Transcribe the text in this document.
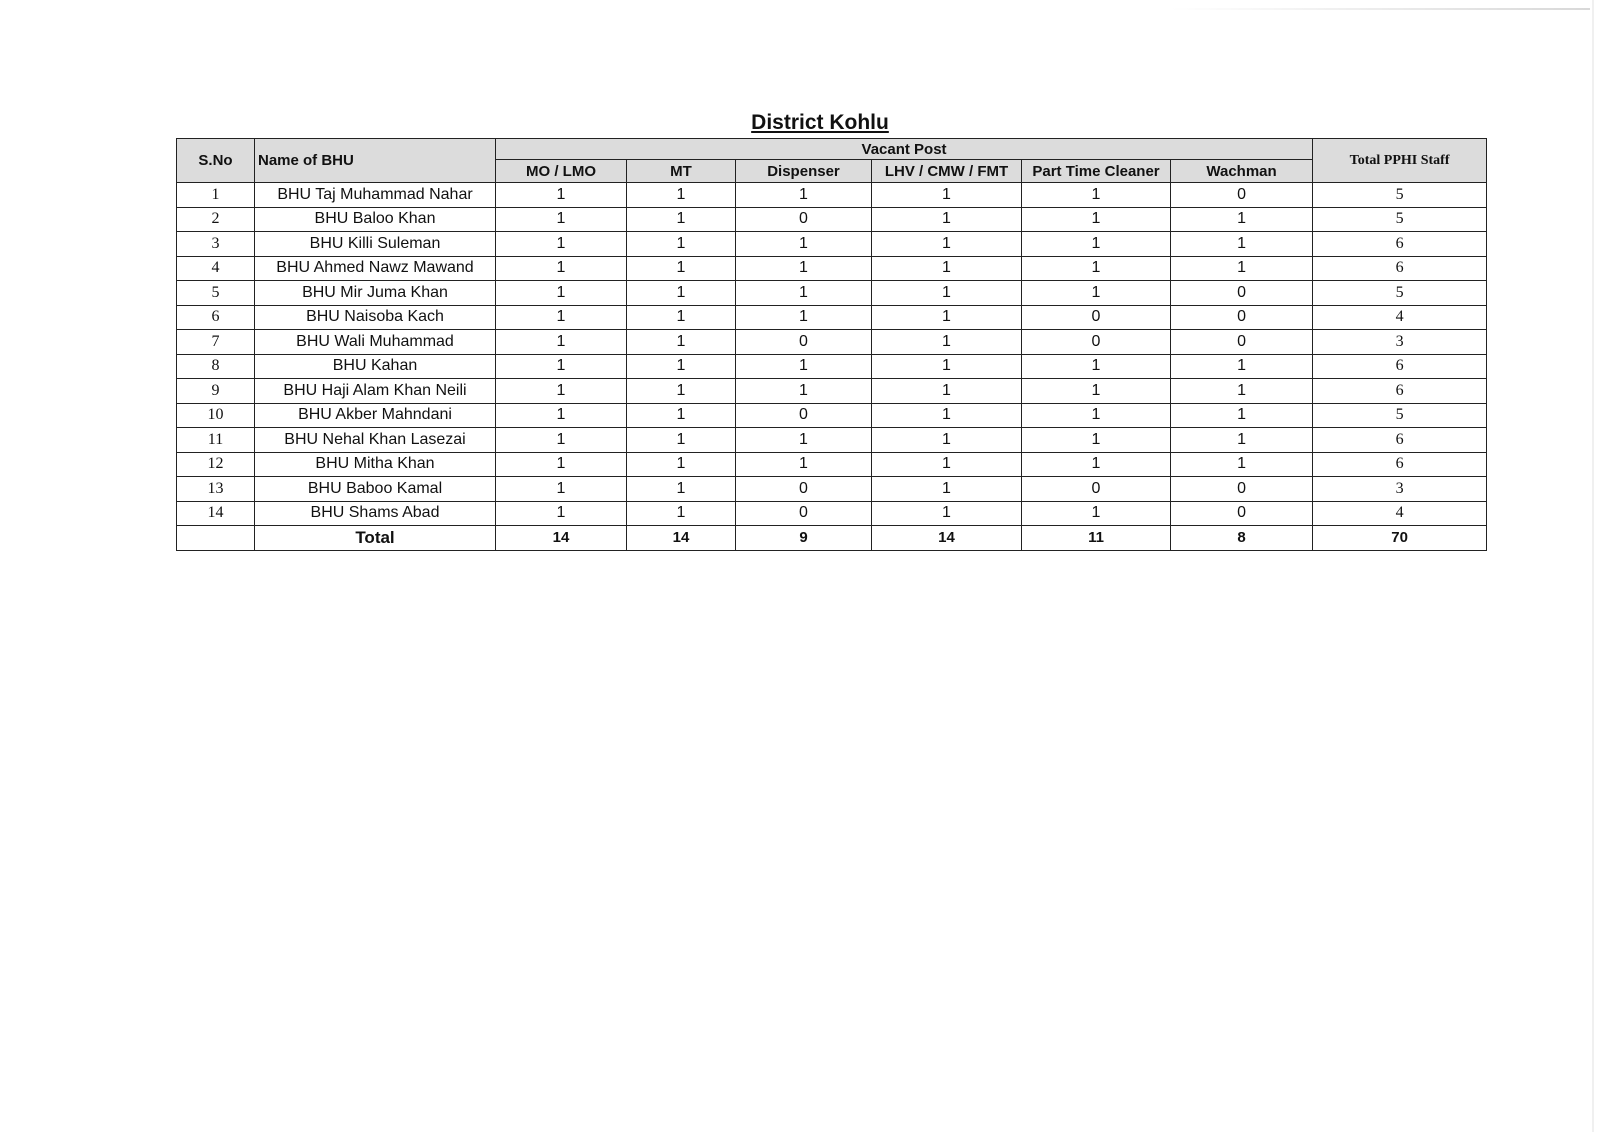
District Kohlu
S.No	Name of BHU	Vacant Post						Total PPHI Staff
		MO / LMO	MT	Dispenser	LHV / CMW / FMT	Part Time Cleaner	Wachman	
1	BHU Taj Muhammad Nahar	1	1	1	1	1	0	5
2	BHU Baloo Khan	1	1	0	1	1	1	5
3	BHU Killi Suleman	1	1	1	1	1	1	6
4	BHU Ahmed Nawz Mawand	1	1	1	1	1	1	6
5	BHU Mir Juma Khan	1	1	1	1	1	0	5
6	BHU Naisoba Kach	1	1	1	1	0	0	4
7	BHU Wali Muhammad	1	1	0	1	0	0	3
8	BHU Kahan	1	1	1	1	1	1	6
9	BHU Haji Alam Khan Neili	1	1	1	1	1	1	6
10	BHU Akber Mahndani	1	1	0	1	1	1	5
11	BHU Nehal Khan Lasezai	1	1	1	1	1	1	6
12	BHU Mitha Khan	1	1	1	1	1	1	6
13	BHU Baboo Kamal	1	1	0	1	0	0	3
14	BHU Shams Abad	1	1	0	1	1	0	4
	Total	14	14	9	14	11	8	70
